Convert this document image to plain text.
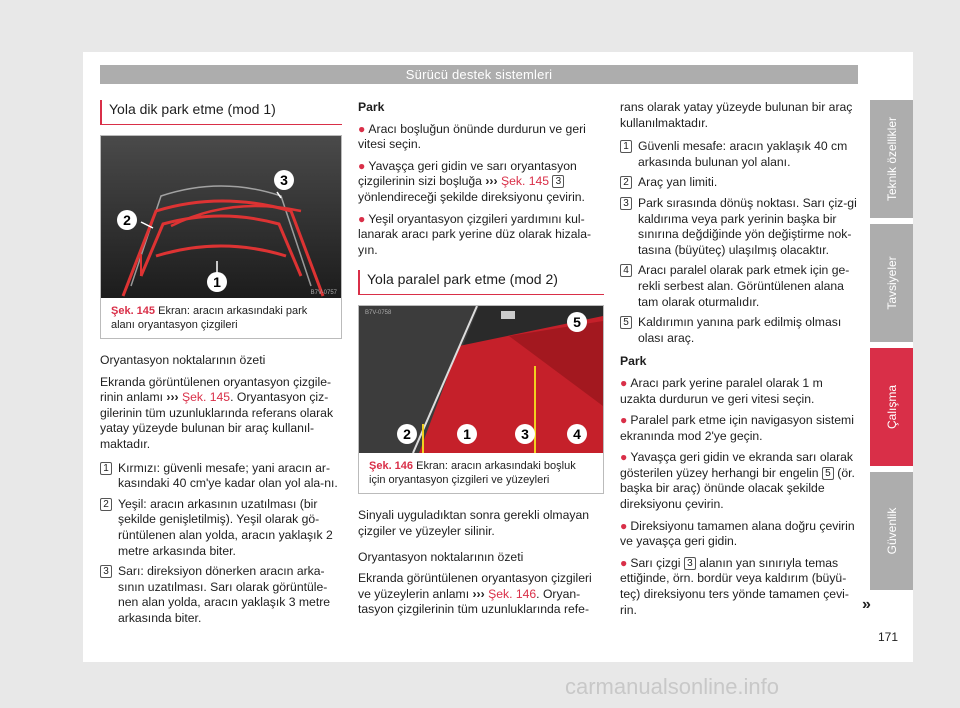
Sürücü destek sistemleri
Teknik özellikler
Tavsiyeler
Çalışma
Güvenlik
Yola dik park etme (mod 1)
1
2
3
B7V-0757
Şek. 145 Ekran: aracın arkasındaki park alanı oryantasyon çizgileri

Oryantasyon noktalarının özeti

Ekranda görüntülenen oryantasyon çizgile-rinin anlamı ››› Şek. 145. Oryantasyon çiz-gilerinin tüm uzunluklarında referans olarak yatay yüzeyde bulunan bir araç kullanıl-maktadır.

1 Kırmızı: güvenli mesafe; yani aracın ar-kasındaki 40 cm'ye kadar olan yol ala-nı.
2 Yeşil: aracın arkasının uzatılması (bir şekilde genişletilmiş). Yeşil olarak gö-rüntülenen alan yolda, aracın yaklaşık 2 metre arkasında biter.
3 Sarı: direksiyon dönerken aracın arka-sının uzatılması. Sarı olarak görüntüle-nen alan yolda, aracın yaklaşık 3 metre arkasında biter.

Park

● Aracı boşluğun önünde durdurun ve geri vitesi seçin.

● Yavaşça geri gidin ve sarı oryantasyon çizgilerinin sizi boşluğa ››› Şek. 145 3 yönlendireceği şekilde direksiyonu çevirin.

● Yeşil oryantasyon çizgileri yardımını kul-lanarak aracı park yerine düz olarak hizala-yın.

Yola paralel park etme (mod 2)
2	1	3	4
5
B7V-0758
Şek. 146 Ekran: aracın arkasındaki boşluk için oryantasyon çizgileri ve yüzeyleri

Sinyali uyguladıktan sonra gerekli olmayan çizgiler ve yüzeyler silinir.

Oryantasyon noktalarının özeti

Ekranda görüntülenen oryantasyon çizgileri ve yüzeylerin anlamı ››› Şek. 146. Oryan-tasyon çizgilerinin tüm uzunluklarında refe-

rans olarak yatay yüzeyde bulunan bir araç kullanılmaktadır.

1 Güvenli mesafe: aracın yaklaşık 40 cm arkasında bulunan yol alanı.
2 Araç yan limiti.
3 Park sırasında dönüş noktası. Sarı çiz-gi kaldırıma veya park yerinin başka bir sınırına değdiğinde yön değiştirme nok-tasına (büyüteç) ulaşılmış olacaktır.
4 Aracı paralel olarak park etmek için ge-rekli serbest alan. Görüntülenen alana tam olarak oturmalıdır.
5 Kaldırımın yanına park edilmiş olması olası araç.

Park

● Aracı park yerine paralel olarak 1 m uzakta durdurun ve geri vitesi seçin.

● Paralel park etme için navigasyon sistemi ekranında mod 2'ye geçin.

● Yavaşça geri gidin ve ekranda sarı olarak gösterilen yüzey herhangi bir engelin 5 (ör. başka bir araç) önünde olacak şekilde direksiyonu çevirin.

● Direksiyonu tamamen alana doğru çevirin ve yavaşça geri gidin.

● Sarı çizgi 3 alanın yan sınırıyla temas ettiğinde, örn. bordür veya kaldırım (büyü-teç) direksiyonu ters yönde tamamen çevi-rin.	»
171
carmanualsonline.info
